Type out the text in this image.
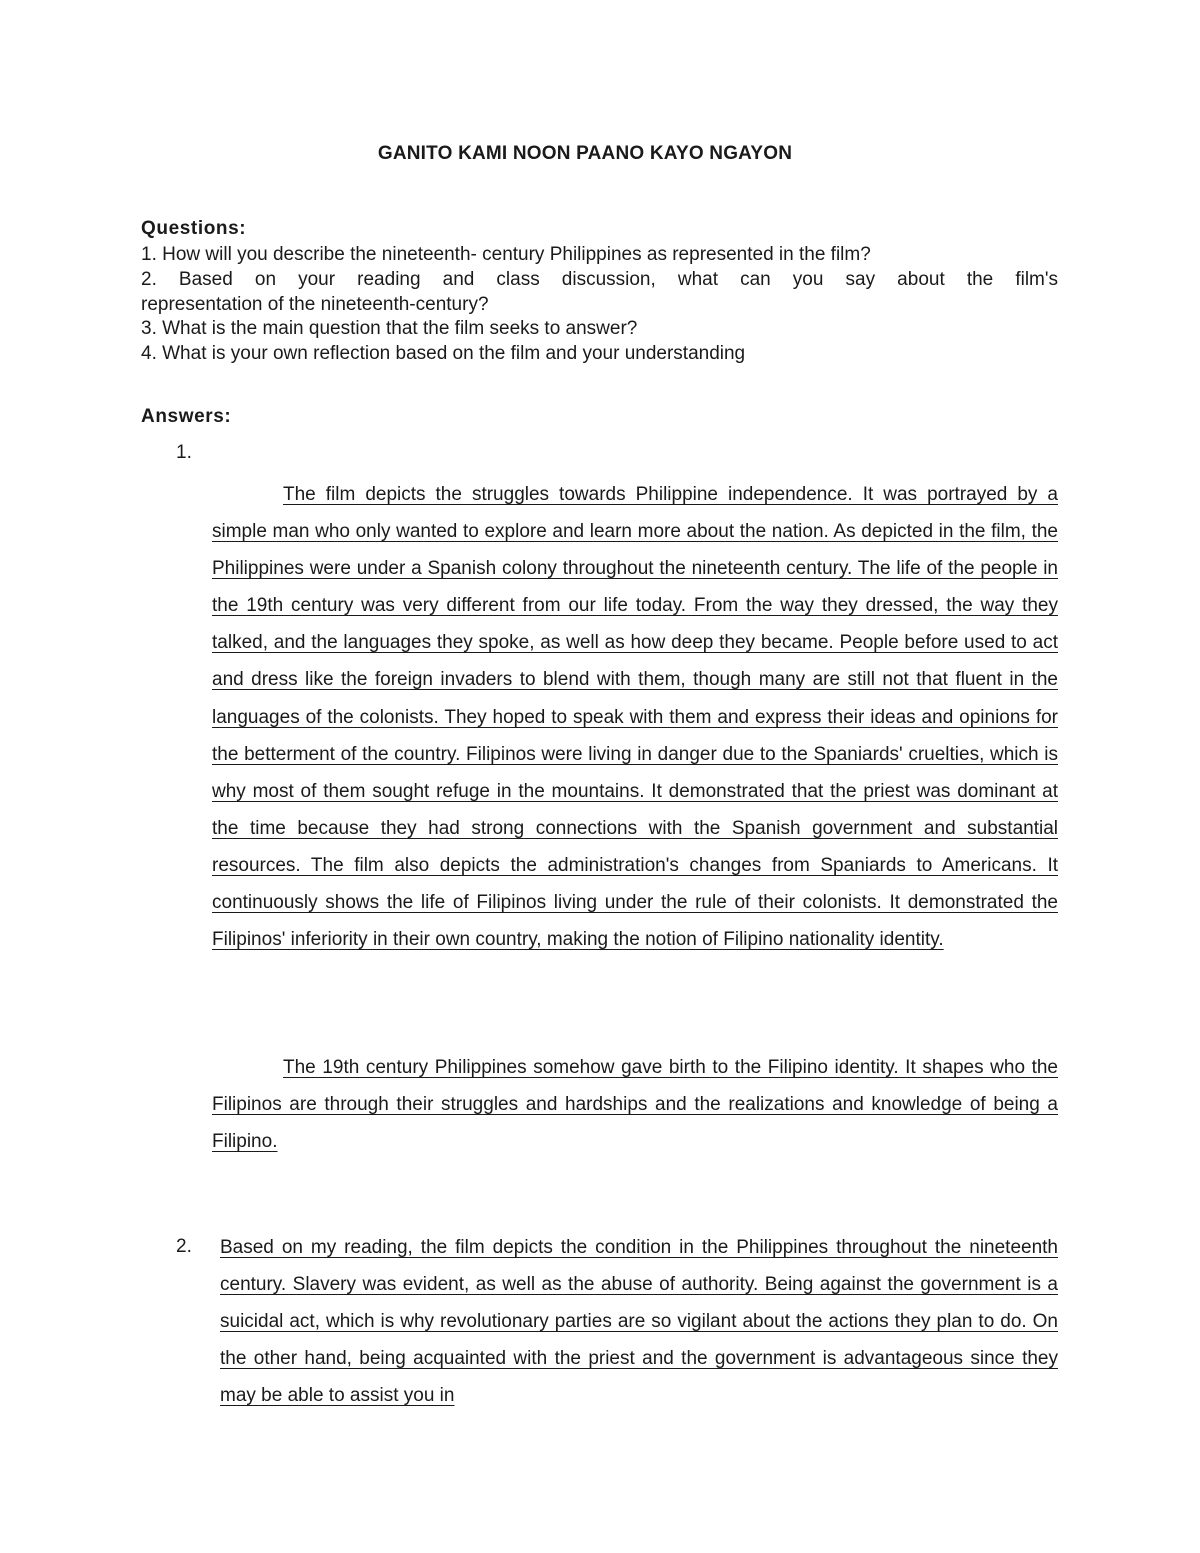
GANITO KAMI NOON PAANO KAYO NGAYON
Questions:
1. How will you describe the nineteenth- century Philippines as represented in the film?
2. Based on your reading and class discussion, what can you say about the film's
representation of the nineteenth-century?
3. What is the main question that the film seeks to answer?
4. What is your own reflection based on the film and your understanding
Answers:
1.
The film depicts the struggles towards Philippine independence. It was portrayed by a simple man who only wanted to explore and learn more about the nation. As depicted in the film, the Philippines were under a Spanish colony throughout the nineteenth century. The life of the people in the 19th century was very different from our life today. From the way they dressed, the way they talked, and the languages they spoke, as well as how deep they became. People before used to act and dress like the foreign invaders to blend with them, though many are still not that fluent in the languages of the colonists. They hoped to speak with them and express their ideas and opinions for the betterment of the country. Filipinos were living in danger due to the Spaniards' cruelties, which is why most of them sought refuge in the mountains. It demonstrated that the priest was dominant at the time because they had strong connections with the Spanish government and substantial resources. The film also depicts the administration's changes from Spaniards to Americans. It continuously shows the life of Filipinos living under the rule of their colonists. It demonstrated the Filipinos' inferiority in their own country, making the notion of Filipino nationality identity.
The 19th century Philippines somehow gave birth to the Filipino identity. It shapes who the Filipinos are through their struggles and hardships and the realizations and knowledge of being a Filipino.
2. Based on my reading, the film depicts the condition in the Philippines throughout the nineteenth century. Slavery was evident, as well as the abuse of authority. Being against the government is a suicidal act, which is why revolutionary parties are so vigilant about the actions they plan to do. On the other hand, being acquainted with the priest and the government is advantageous since they may be able to assist you in
